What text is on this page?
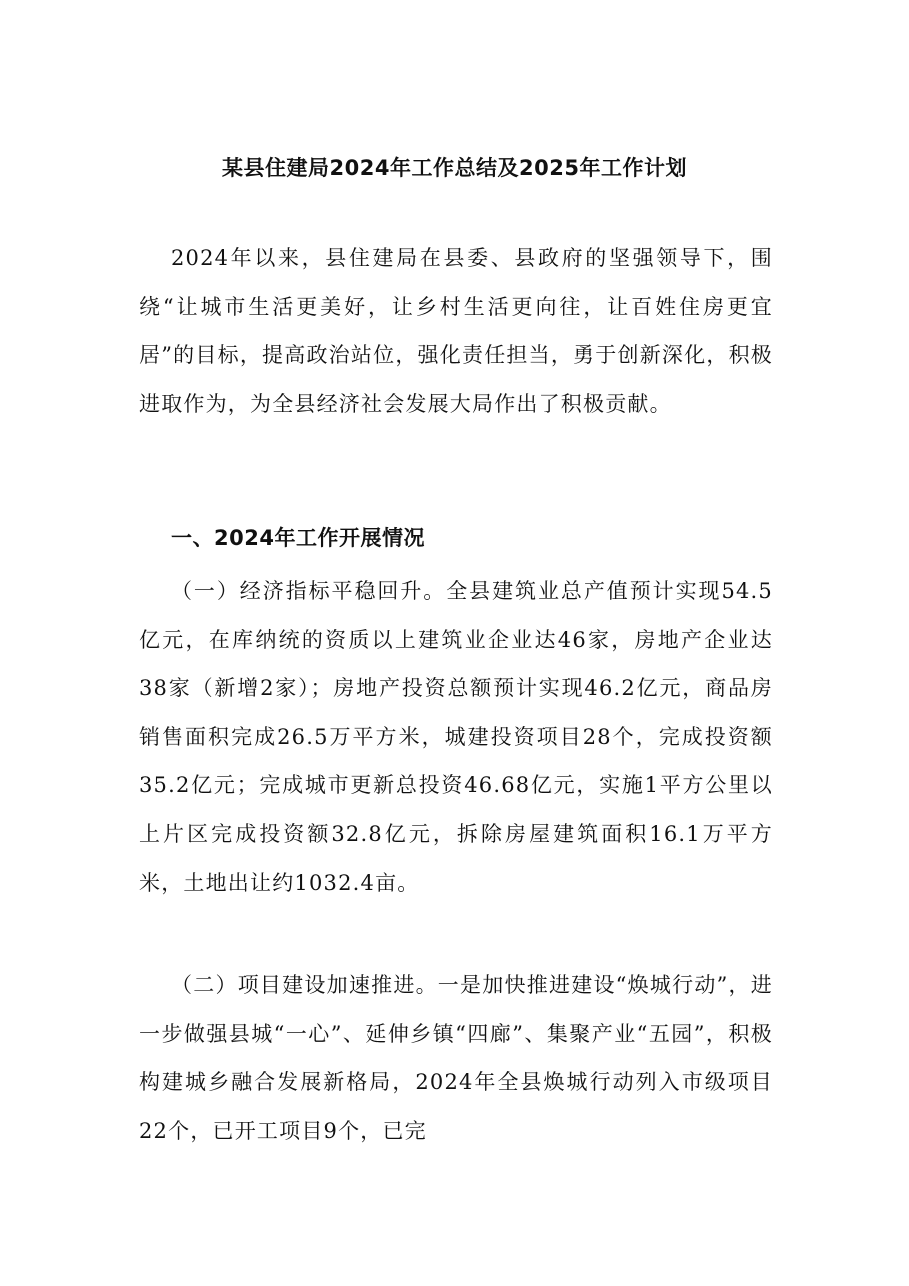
某县住建局2024年工作总结及2025年工作计划

2024年以来，县住建局在县委、县政府的坚强领导下，围绕“让城市生活更美好，让乡村生活更向往，让百姓住房更宜居”的目标，提高政治站位，强化责任担当，勇于创新深化，积极进取作为，为全县经济社会发展大局作出了积极贡献。

一、2024年工作开展情况

（一）经济指标平稳回升。全县建筑业总产值预计实现54.5亿元，在库纳统的资质以上建筑业企业达46家，房地产企业达38家（新增2家）；房地产投资总额预计实现46.2亿元，商品房销售面积完成26.5万平方米，城建投资项目28个，完成投资额35.2亿元；完成城市更新总投资46.68亿元，实施1平方公里以上片区完成投资额32.8亿元，拆除房屋建筑面积16.1万平方米，土地出让约1032.4亩。

（二）项目建设加速推进。一是加快推进建设“焕城行动”，进一步做强县城“一心”、延伸乡镇“四廊”、集聚产业“五园”，积极构建城乡融合发展新格局，2024年全县焕城行动列入市级项目22个，已开工项目9个，已完
